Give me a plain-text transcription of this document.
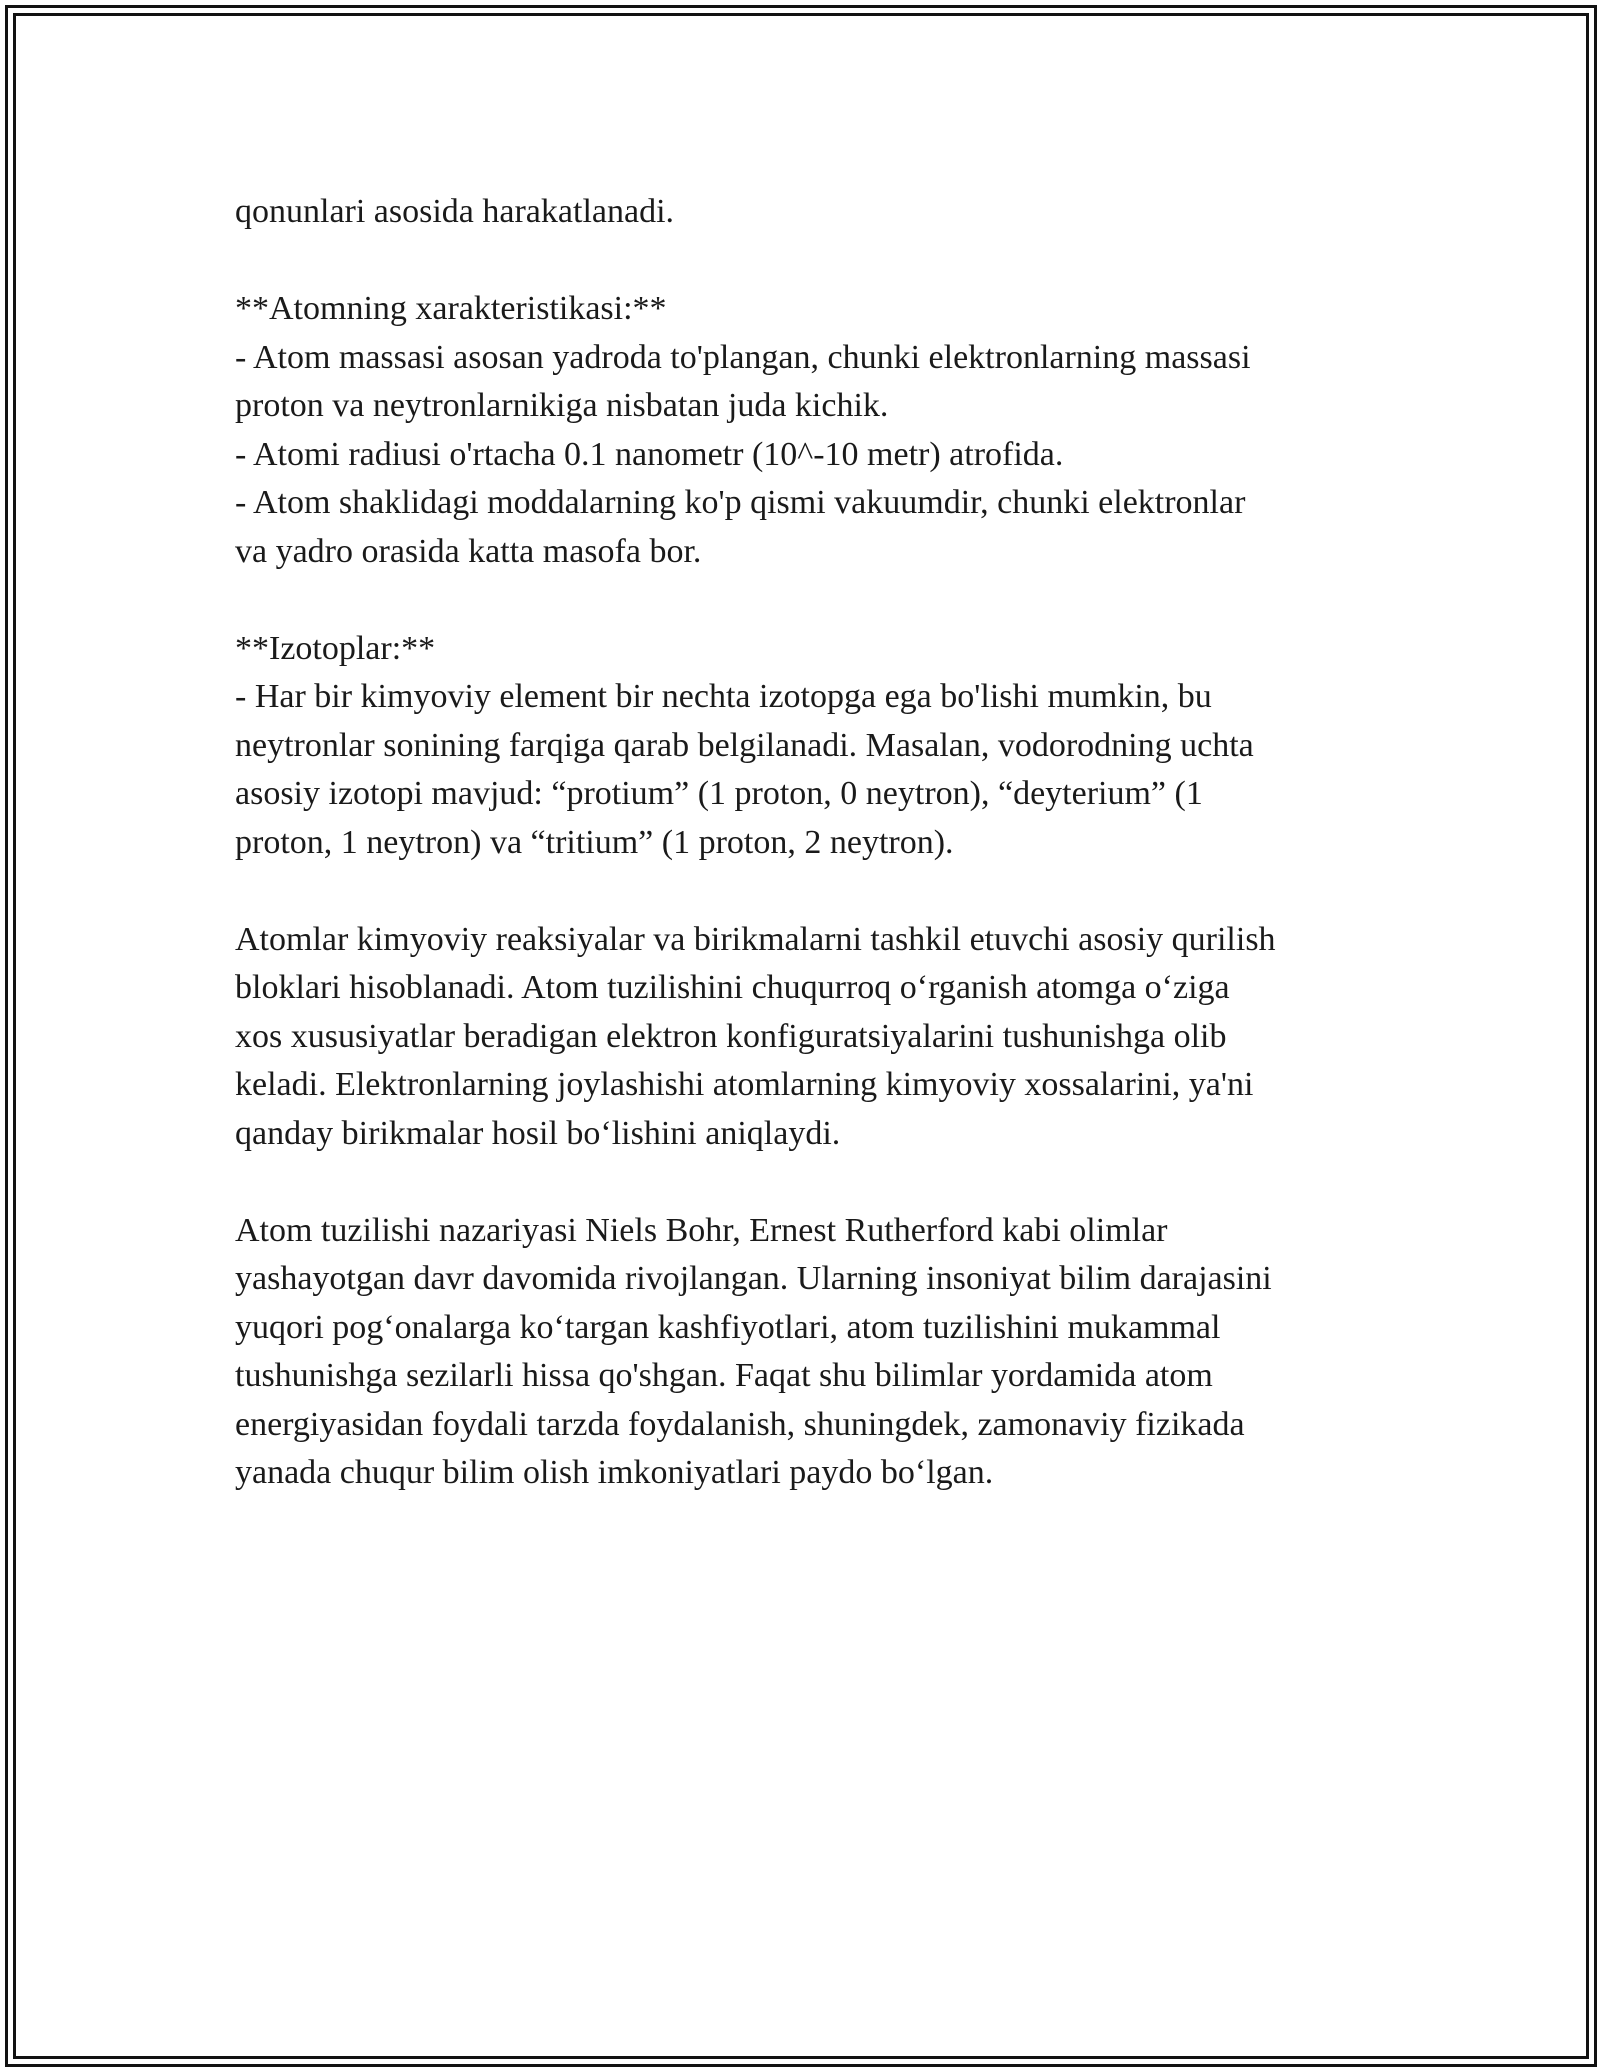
qonunlari asosida harakatlanadi.

**Atomning xarakteristikasi:**
- Atom massasi asosan yadroda to'plangan, chunki elektronlarning massasi
proton va neytronlarnikiga nisbatan juda kichik.
- Atomi radiusi o'rtacha 0.1 nanometr (10^-10 metr) atrofida.
- Atom shaklidagi moddalarning ko'p qismi vakuumdir, chunki elektronlar
va yadro orasida katta masofa bor.

**Izotoplar:**
- Har bir kimyoviy element bir nechta izotopga ega bo'lishi mumkin, bu
neytronlar sonining farqiga qarab belgilanadi. Masalan, vodorodning uchta
asosiy izotopi mavjud: “protium” (1 proton, 0 neytron), “deyterium” (1
proton, 1 neytron) va “tritium” (1 proton, 2 neytron).

Atomlar kimyoviy reaksiyalar va birikmalarni tashkil etuvchi asosiy qurilish
bloklari hisoblanadi. Atom tuzilishini chuqurroq o‘rganish atomga o‘ziga
xos xususiyatlar beradigan elektron konfiguratsiyalarini tushunishga olib
keladi. Elektronlarning joylashishi atomlarning kimyoviy xossalarini, ya'ni
qanday birikmalar hosil bo‘lishini aniqlaydi.

Atom tuzilishi nazariyasi Niels Bohr, Ernest Rutherford kabi olimlar
yashayotgan davr davomida rivojlangan. Ularning insoniyat bilim darajasini
yuqori pog‘onalarga ko‘targan kashfiyotlari, atom tuzilishini mukammal
tushunishga sezilarli hissa qo'shgan. Faqat shu bilimlar yordamida atom
energiyasidan foydali tarzda foydalanish, shuningdek, zamonaviy fizikada
yanada chuqur bilim olish imkoniyatlari paydo bo‘lgan.
